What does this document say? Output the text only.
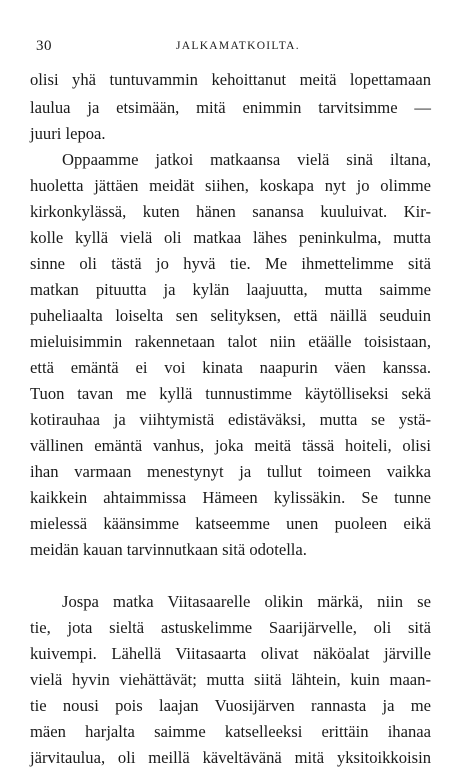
30	JALKAMATKOILTA.
olisi yhä tuntuvammin kehoittanut meitä lopettamaan
laulua ja etsimään, mitä enimmin tarvitsimme —
juuri lepoa.
Oppaamme jatkoi matkaansa vielä sinä iltana,
huoletta jättäen meidät siihen, koskapa nyt jo olimme
kirkonkylässä, kuten hänen sanansa kuuluivat. Kir-
kolle kyllä vielä oli matkaa lähes peninkulma, mutta
sinne oli tästä jo hyvä tie. Me ihmettelimme sitä
matkan pituutta ja kylän laajuutta, mutta saimme
puheliaalta loiselta sen selityksen, että näillä seuduin
mieluisimmin rakennetaan talot niin etäälle toisistaan,
että emäntä ei voi kinata naapurin väen kanssa.
Tuon tavan me kyllä tunnustimme käytölliseksi sekä
kotirauhaa ja viihtymistä edistäväksi, mutta se ystä-
vällinen emäntä vanhus, joka meitä tässä hoiteli, olisi
ihan varmaan menestynyt ja tullut toimeen vaikka
kaikkein ahtaimmissa Hämeen kylissäkin. Se tunne
mielessä käänsimme katseemme unen puoleen eikä
meidän kauan tarvinnutkaan sitä odotella.
Jospa matka Viitasaarelle olikin märkä, niin se
tie, jota sieltä astuskelimme Saarijärvelle, oli sitä
kuivempi. Lähellä Viitasaarta olivat näköalat järville
vielä hyvin viehättävät; mutta siitä lähtein, kuin maan-
tie nousi pois laajan Vuosijärven rannasta ja me
mäen harjalta saimme katselleeksi erittäin ihanaa
järvitaulua, oli meillä käveltävänä mitä yksitoikkoisin
